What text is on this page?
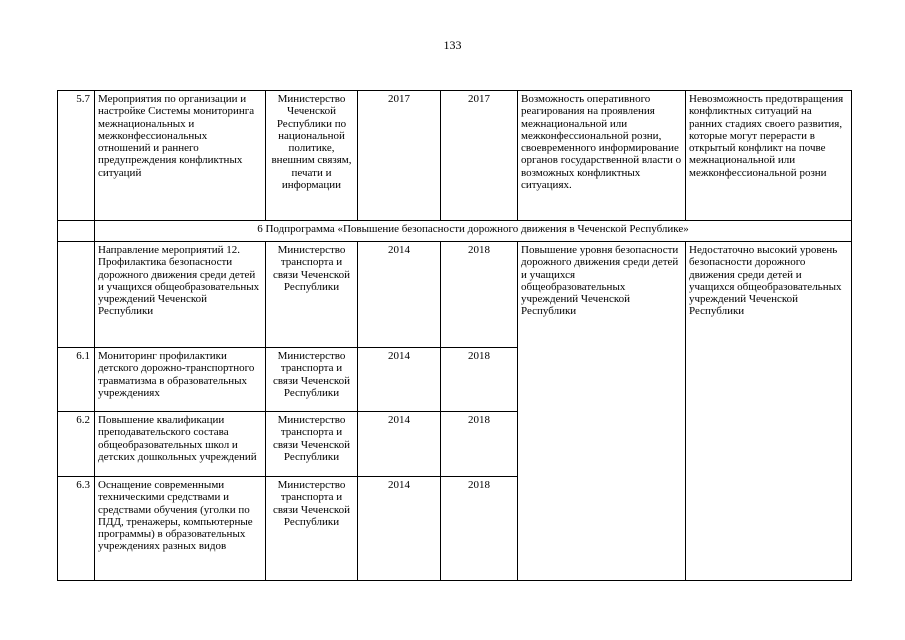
133
5.7	Мероприятия по организации и настройке Системы мониторинга межнациональных и межконфессиональных отношений и раннего предупреждения конфликтных ситуаций	Министерство Чеченской Республики по национальной политике, внешним связям, печати и информации	2017	2017	Возможность оперативного реагирования на проявления межнациональной или межконфессиональной розни, своевременного информирование органов государственной власти о возможных конфликтных ситуациях.	Невозможность предотвращения конфликтных ситуаций на ранних стадиях своего развития, которые могут перерасти в открытый конфликт на почве межнациональной или межконфессиональной розни
	6 Подпрограмма «Повышение безопасности дорожного движения в Чеченской Республике»					
	Направление мероприятий 12. Профилактика безопасности дорожного движения среди детей и учащихся общеобразовательных учреждений Чеченской Республики	Министерство транспорта и связи Чеченской Республики	2014	2018	Повышение уровня безопасности дорожного движения среди детей и учащихся общеобразовательных учреждений Чеченской Республики	Недостаточно высокий уровень безопасности дорожного движения среди детей и учащихся общеобразовательных учреждений Чеченской Республики
6.1	Мониторинг профилактики детского дорожно-транспортного травматизма в образовательных учреждениях	Министерство транспорта и связи Чеченской Республики	2014	2018		
6.2	Повышение квалификации преподавательского состава общеобразовательных школ и детских дошкольных учреждений	Министерство транспорта и связи Чеченской Республики	2014	2018		
6.3	Оснащение современными техническими средствами и средствами обучения (уголки по ПДД, тренажеры, компьютерные программы) в образовательных учреждениях разных видов	Министерство транспорта и связи Чеченской Республики	2014	2018		
